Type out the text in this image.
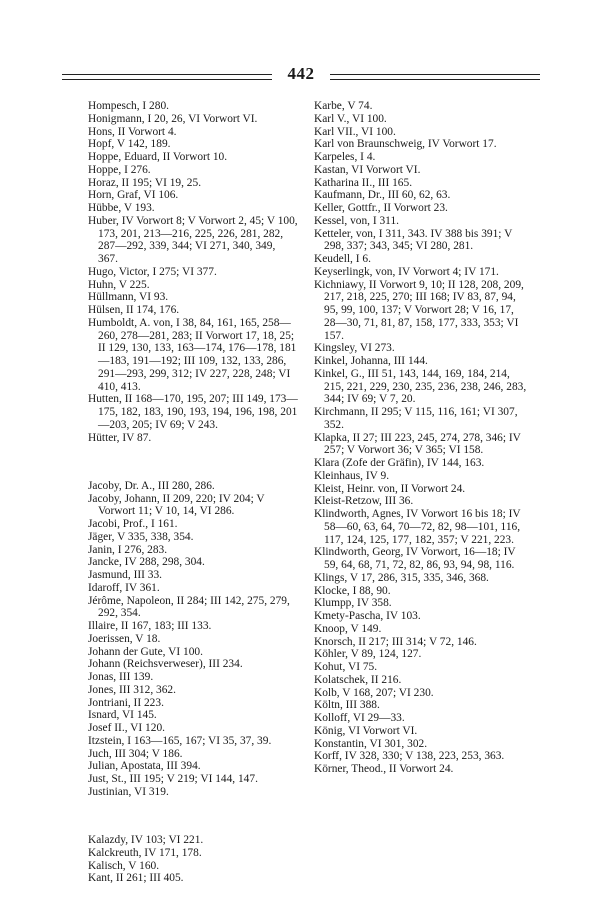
442

Hompesch, I 280.

Honigmann, I 20, 26, VI Vorwort VI.

Hons, II Vorwort 4.

Hopf, V 142, 189.

Hoppe, Eduard, II Vorwort 10.

Hoppe, I 276.

Horaz, II 195; VI 19, 25.

Horn, Graf, VI 106.

Hübbe, V 193.

Huber, IV Vorwort 8; V Vorwort 2, 45; V 100, 173, 201, 213—216, 225, 226, 281, 282, 287—292, 339, 344; VI 271, 340, 349, 367.

Hugo, Victor, I 275; VI 377.

Huhn, V 225.

Hüllmann, VI 93.

Hülsen, II 174, 176.

Humboldt, A. von, I 38, 84, 161, 165, 258—260, 278—281, 283; II Vorwort 17, 18, 25; II 129, 130, 133, 163—174, 176—178, 181—183, 191—192; III 109, 132, 133, 286, 291—293, 299, 312; IV 227, 228, 248; VI 410, 413.

Hutten, II 168—170, 195, 207; III 149, 173—175, 182, 183, 190, 193, 194, 196, 198, 201—203, 205; IV 69; V 243.

Hütter, IV 87.

Jacoby, Dr. A., III 280, 286.

Jacoby, Johann, II 209, 220; IV 204; V Vorwort 11; V 10, 14, VI 286.

Jacobi, Prof., I 161.

Jäger, V 335, 338, 354.

Janin, I 276, 283.

Jancke, IV 288, 298, 304.

Jasmund, III 33.

Idaroff, IV 361.

Jérôme, Napoleon, II 284; III 142, 275, 279, 292, 354.

Illaire, II 167, 183; III 133.

Joerissen, V 18.

Johann der Gute, VI 100.

Johann (Reichsverweser), III 234.

Jonas, III 139.

Jones, III 312, 362.

Jontriani, II 223.

Isnard, VI 145.

Josef II., VI 120.

Itzstein, I 163—165, 167; VI 35, 37, 39.

Juch, III 304; V 186.

Julian, Apostata, III 394.

Just, St., III 195; V 219; VI 144, 147.

Justinian, VI 319.

Kalazdy, IV 103; VI 221.

Kalckreuth, IV 171, 178.

Kalisch, V 160.

Kant, II 261; III 405.

Karbe, V 74.

Karl V., VI 100.

Karl VII., VI 100.

Karl von Braunschweig, IV Vorwort 17.

Karpeles, I 4.

Kastan, VI Vorwort VI.

Katharina II., III 165.

Kaufmann, Dr., III 60, 62, 63.

Keller, Gottfr., II Vorwort 23.

Kessel, von, I 311.

Ketteler, von, I 311, 343. IV 388 bis 391; V 298, 337; 343, 345; VI 280, 281.

Keudell, I 6.

Keyserlingk, von, IV Vorwort 4; IV 171.

Kichniawy, II Vorwort 9, 10; II 128, 208, 209, 217, 218, 225, 270; III 168; IV 83, 87, 94, 95, 99, 100, 137; V Vorwort 28; V 16, 17, 28—30, 71, 81, 87, 158, 177, 333, 353; VI 157.

Kingsley, VI 273.

Kinkel, Johanna, III 144.

Kinkel, G., III 51, 143, 144, 169, 184, 214, 215, 221, 229, 230, 235, 236, 238, 246, 283, 344; IV 69; V 7, 20.

Kirchmann, II 295; V 115, 116, 161; VI 307, 352.

Klapka, II 27; III 223, 245, 274, 278, 346; IV 257; V Vorwort 36; V 365; VI 158.

Klara (Zofe der Gräfin), IV 144, 163.

Kleinhaus, IV 9.

Kleist, Heinr. von, II Vorwort 24.

Kleist-Retzow, III 36.

Klindworth, Agnes, IV Vorwort 16 bis 18; IV 58—60, 63, 64, 70—72, 82, 98—101, 116, 117, 124, 125, 177, 182, 357; V 221, 223.

Klindworth, Georg, IV Vorwort, 16—18; IV 59, 64, 68, 71, 72, 82, 86, 93, 94, 98, 116.

Klings, V 17, 286, 315, 335, 346, 368.

Klocke, I 88, 90.

Klumpp, IV 358.

Kmety-Pascha, IV 103.

Knoop, V 149.

Knorsch, II 217; III 314; V 72, 146.

Köhler, V 89, 124, 127.

Kohut, VI 75.

Kolatschek, II 216.

Kolb, V 168, 207; VI 230.

Költn, III 388.

Kolloff, VI 29—33.

König, VI Vorwort VI.

Konstantin, VI 301, 302.

Korff, IV 328, 330; V 138, 223, 253, 363.

Körner, Theod., II Vorwort 24.
